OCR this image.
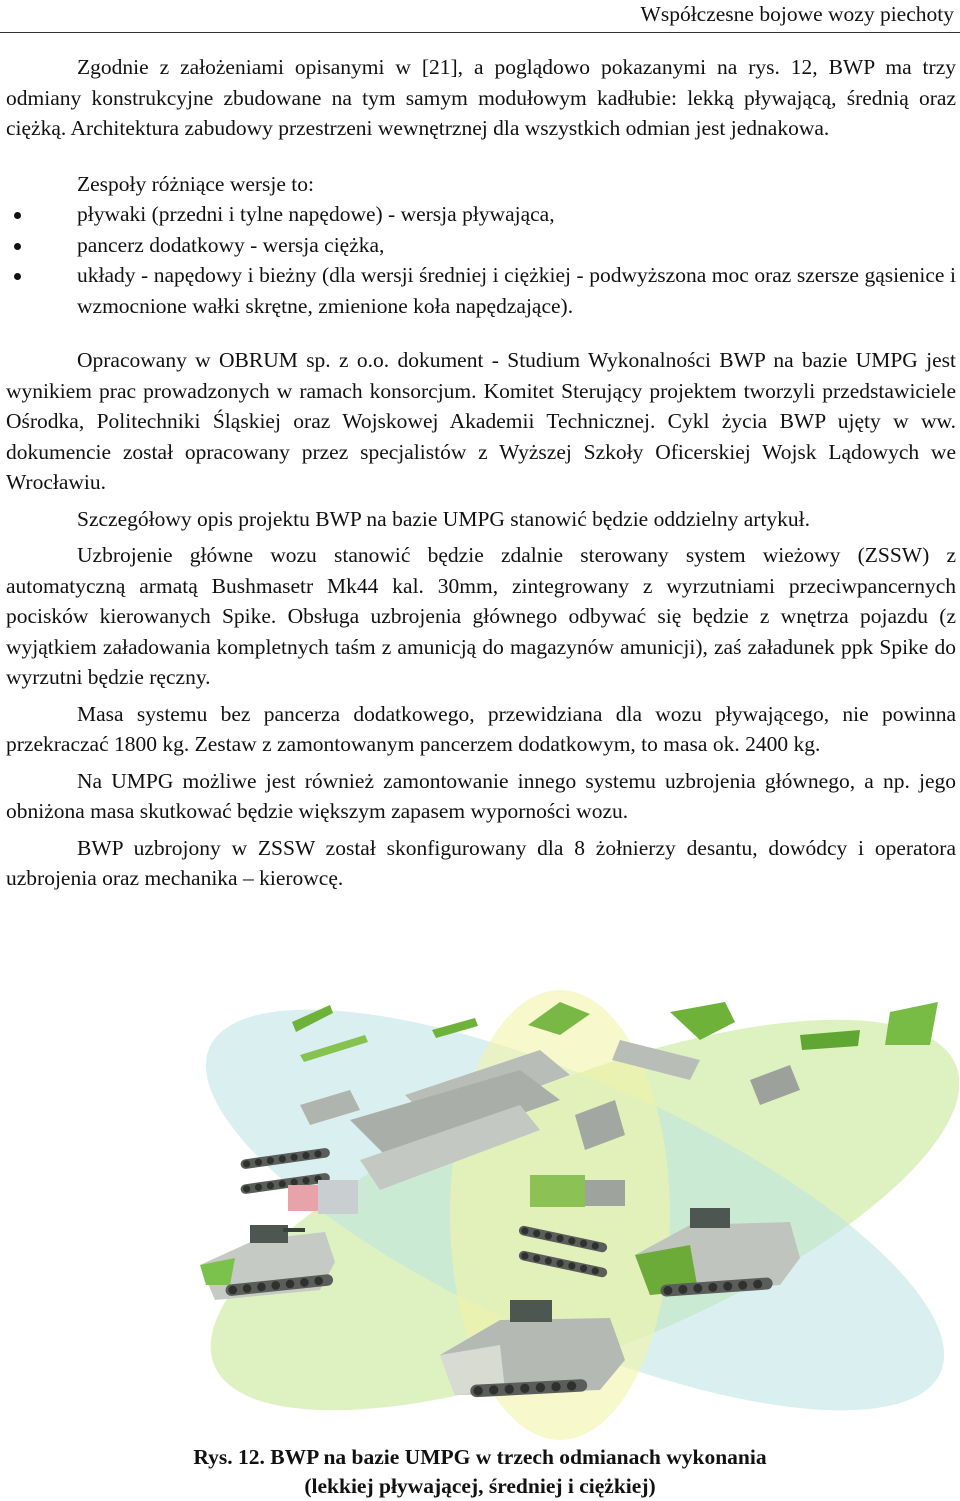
Współczesne bojowe wozy piechoty

Zgodnie z założeniami opisanymi w [21], a poglądowo pokazanymi na rys. 12, BWP ma trzy odmiany konstrukcyjne zbudowane na tym samym modułowym kadłubie: lekką pływającą, średnią oraz ciężką. Architektura zabudowy przestrzeni wewnętrznej dla wszystkich odmian jest jednakowa.

Zespoły różniące wersje to:
pływaki (przedni i tylne napędowe) - wersja pływająca,
pancerz dodatkowy - wersja ciężka,
układy - napędowy i bieżny (dla wersji średniej i ciężkiej - podwyższona moc oraz szersze gąsienice i wzmocnione wałki skrętne, zmienione koła napędzające).

Opracowany w OBRUM sp. z o.o. dokument - Studium Wykonalności BWP na bazie UMPG jest wynikiem prac prowadzonych w ramach konsorcjum. Komitet Sterujący projektem tworzyli przedstawiciele Ośrodka, Politechniki Śląskiej oraz Wojskowej Akademii Technicznej. Cykl życia BWP ujęty w ww. dokumencie został opracowany przez specjalistów z Wyższej Szkoły Oficerskiej Wojsk Lądowych we Wrocławiu.

Szczegółowy opis projektu BWP na bazie UMPG stanowić będzie oddzielny artykuł.

Uzbrojenie główne wozu stanowić będzie zdalnie sterowany system wieżowy (ZSSW) z automatyczną armatą Bushmasetr Mk44 kal. 30mm, zintegrowany z wyrzutniami przeciwpancernych pocisków kierowanych Spike. Obsługa uzbrojenia głównego odbywać się będzie z wnętrza pojazdu (z wyjątkiem załadowania kompletnych taśm z amunicją do magazynów amunicji), zaś załadunek ppk Spike do wyrzutni będzie ręczny.

Masa systemu bez pancerza dodatkowego, przewidziana dla wozu pływającego, nie powinna przekraczać 1800 kg. Zestaw z zamontowanym pancerzem dodatkowym, to masa ok. 2400 kg.

Na UMPG możliwe jest również zamontowanie innego systemu uzbrojenia głównego, a np. jego obniżona masa skutkować będzie większym zapasem wyporności wozu.

BWP uzbrojony w ZSSW został skonfigurowany dla 8 żołnierzy desantu, dowódcy i operatora uzbrojenia oraz mechanika – kierowcę.

Rys. 12. BWP na bazie UMPG w trzech odmianach wykonania
(lekkiej pływającej, średniej i ciężkiej)
